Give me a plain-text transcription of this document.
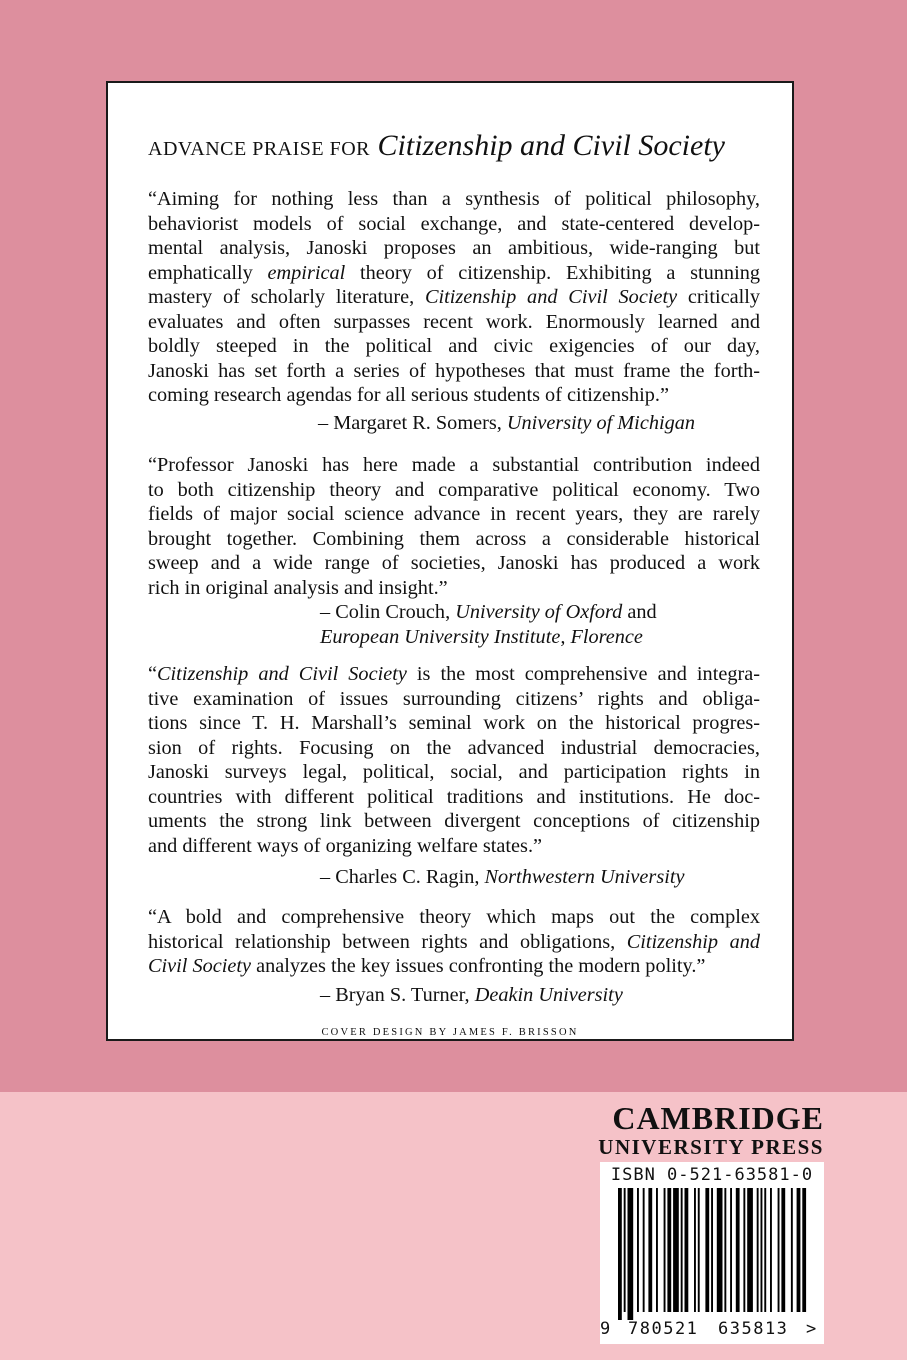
ADVANCE PRAISE FOR Citizenship and Civil Society

“Aiming for nothing less than a synthesis of political philosophy,
behaviorist models of social exchange, and state-centered develop-
mental analysis, Janoski proposes an ambitious, wide-ranging but
emphatically empirical theory of citizenship. Exhibiting a stunning
mastery of scholarly literature, Citizenship and Civil Society critically
evaluates and often surpasses recent work. Enormously learned and
boldly steeped in the political and civic exigencies of our day,
Janoski has set forth a series of hypotheses that must frame the forth-
coming research agendas for all serious students of citizenship.”

– Margaret R. Somers, University of Michigan

“Professor Janoski has here made a substantial contribution indeed
to both citizenship theory and comparative political economy. Two
fields of major social science advance in recent years, they are rarely
brought together. Combining them across a considerable historical
sweep and a wide range of societies, Janoski has produced a work
rich in original analysis and insight.”

– Colin Crouch, University of Oxford and
European University Institute, Florence

“Citizenship and Civil Society is the most comprehensive and integra-
tive examination of issues surrounding citizens’ rights and obliga-
tions since T. H. Marshall’s seminal work on the historical progres-
sion of rights. Focusing on the advanced industrial democracies,
Janoski surveys legal, political, social, and participation rights in
countries with different political traditions and institutions. He doc-
uments the strong link between divergent conceptions of citizenship
and different ways of organizing welfare states.”

– Charles C. Ragin, Northwestern University

“A bold and comprehensive theory which maps out the complex
historical relationship between rights and obligations, Citizenship and
Civil Society analyzes the key issues confronting the modern polity.”

– Bryan S. Turner, Deakin University

COVER DESIGN BY JAMES F. BRISSON
CAMBRIDGE
UNIVERSITY PRESS
ISBN 0-521-63581-0
9 780521 635813 >
